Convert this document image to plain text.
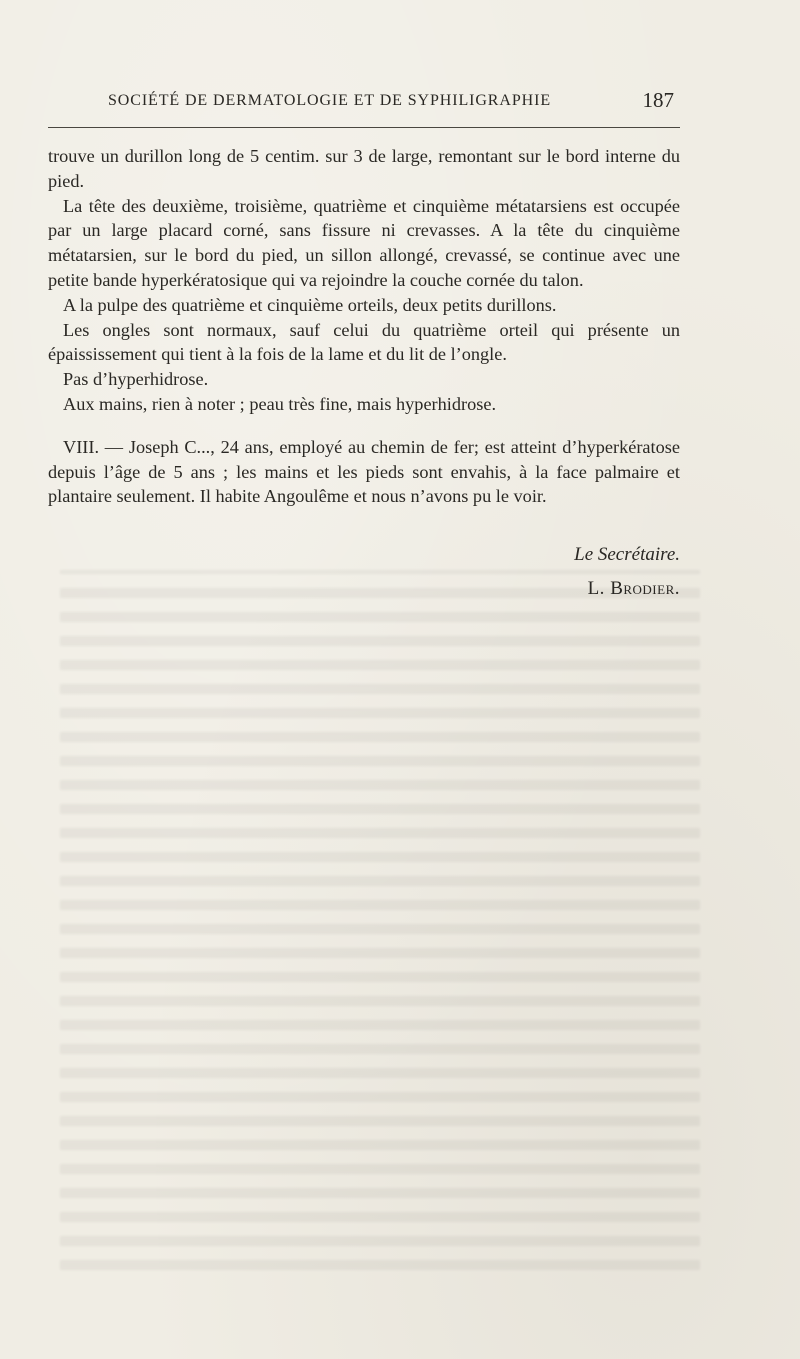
SOCIÉTÉ DE DERMATOLOGIE ET DE SYPHILIGRAPHIE	187

trouve un durillon long de 5 centim. sur 3 de large, remontant sur le bord interne du pied.

La tête des deuxième, troisième, quatrième et cinquième métatarsiens est occupée par un large placard corné, sans fissure ni crevasses. A la tête du cinquième métatarsien, sur le bord du pied, un sillon allongé, crevassé, se continue avec une petite bande hyperkératosique qui va rejoindre la couche cornée du talon.

A la pulpe des quatrième et cinquième orteils, deux petits durillons.

Les ongles sont normaux, sauf celui du quatrième orteil qui présente un épaississement qui tient à la fois de la lame et du lit de l’ongle.

Pas d’hyperhidrose.

Aux mains, rien à noter ; peau très fine, mais hyperhidrose.

VIII. — Joseph C..., 24 ans, employé au chemin de fer; est atteint d’hyperkératose depuis l’âge de 5 ans ; les mains et les pieds sont envahis, à la face palmaire et plantaire seulement. Il habite Angoulême et nous n’avons pu le voir.

Le Secrétaire.
L. Brodier.
